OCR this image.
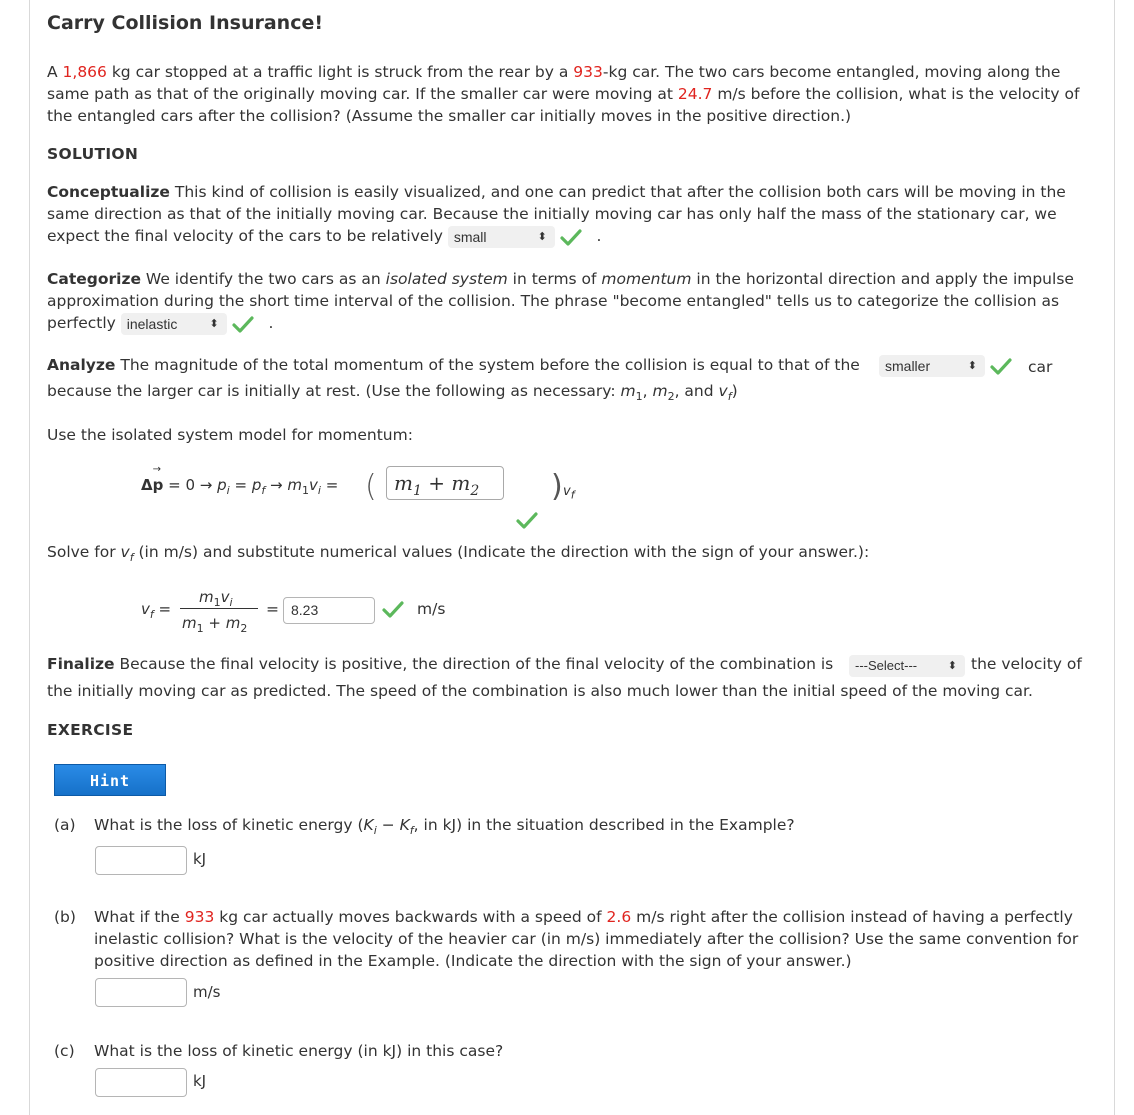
Carry Collision Insurance!

A 1,866 kg car stopped at a traffic light is struck from the rear by a 933-kg car. The two cars become entangled, moving along the same path as that of the originally moving car. If the smaller car were moving at 24.7 m/s before the collision, what is the velocity of the entangled cars after the collision? (Assume the smaller car initially moves in the positive direction.)

SOLUTION

Conceptualize This kind of collision is easily visualized, and one can predict that after the collision both cars will be moving in the same direction as that of the initially moving car. Because the initially moving car has only half the mass of the stationary car, we expect the final velocity of the cars to be relatively small	⬍	.

Categorize We identify the two cars as an isolated system in terms of momentum in the horizontal direction and apply the impulse approximation during the short time interval of the collision. The phrase "become entangled" tells us to categorize the collision as perfectly inelastic	⬍	.

Analyze The magnitude of the total momentum of the system before the collision is equal to that of the	smaller	⬍
	car
because the larger car is initially at rest. (Use the following as necessary: $m_1$, $m_2$, and $v_f$)
Use the isolated system model for momentum:
Δp
→
= $0 \to p_i = p_f \to m_1v_i$ = ( $m_1 + m_2$	) $v_f$
Solve for $v_f$ (in m/s) and substitute numerical values (Indicate the direction with the sign of your answer.):
$v_f$ =
$m_1v_i$
$m_1 + m_2$
= 8.23	m/s
Finalize Because the final velocity is positive, the direction of the final velocity of the combination is	---Select---	⬍ the velocity of
the initially moving car as predicted. The speed of the combination is also much lower than the initial speed of the moving car.
EXERCISE
Hint
(a) What is the loss of kinetic energy ($K_i - K_f$, in kJ) in the situation described in the Example?
kJ
(b) What if the 933 kg car actually moves backwards with a speed of 2.6 m/s right after the collision instead of having a perfectly inelastic collision? What is the velocity of the heavier car (in m/s) immediately after the collision? Use the same convention for positive direction as defined in the Example. (Indicate the direction with the sign of your answer.)
m/s
(c) What is the loss of kinetic energy (in kJ) in this case?
kJ
